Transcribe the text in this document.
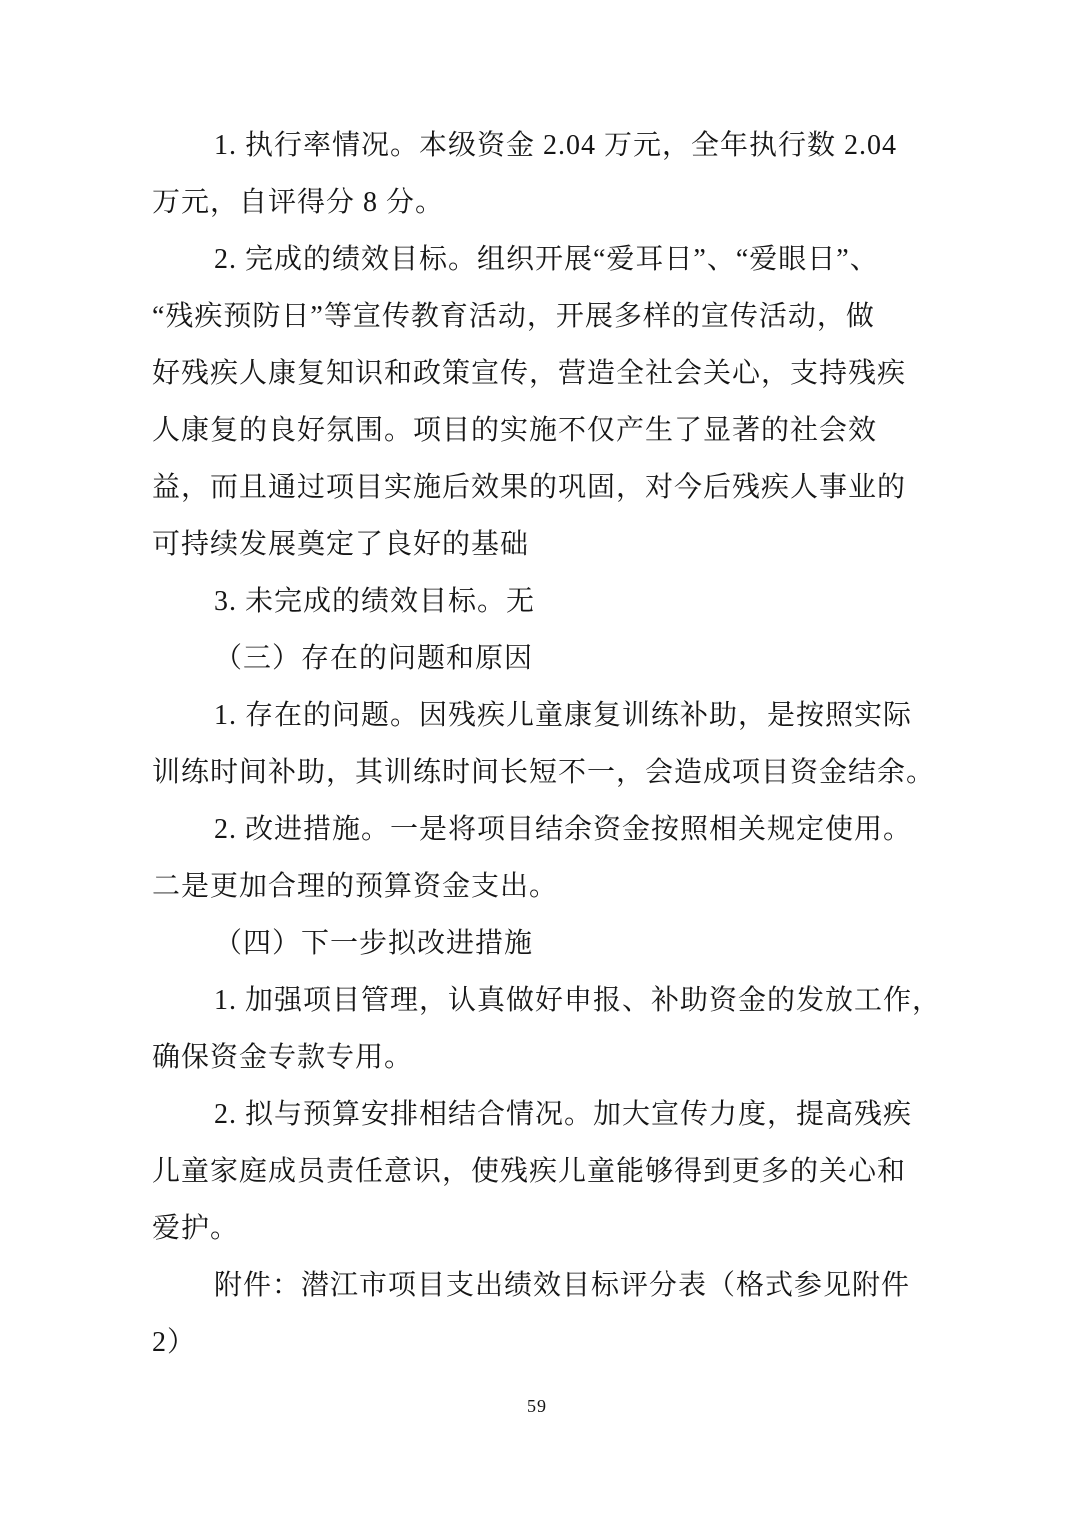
1. 执行率情况。本级资金 2.04 万元，全年执行数 2.04
万元，自评得分 8 分。
2. 完成的绩效目标。组织开展“爱耳日”、“爱眼日”、
“残疾预防日”等宣传教育活动，开展多样的宣传活动，做
好残疾人康复知识和政策宣传，营造全社会关心，支持残疾
人康复的良好氛围。项目的实施不仅产生了显著的社会效
益，而且通过项目实施后效果的巩固，对今后残疾人事业的
可持续发展奠定了良好的基础
3. 未完成的绩效目标。无
（三）存在的问题和原因
1. 存在的问题。因残疾儿童康复训练补助，是按照实际
训练时间补助，其训练时间长短不一，会造成项目资金结余。
2. 改进措施。一是将项目结余资金按照相关规定使用。
二是更加合理的预算资金支出。
（四）下一步拟改进措施
1. 加强项目管理，认真做好申报、补助资金的发放工作，
确保资金专款专用。
2. 拟与预算安排相结合情况。加大宣传力度，提高残疾
儿童家庭成员责任意识，使残疾儿童能够得到更多的关心和
爱护。
附件：潜江市项目支出绩效目标评分表（格式参见附件
2）
59
